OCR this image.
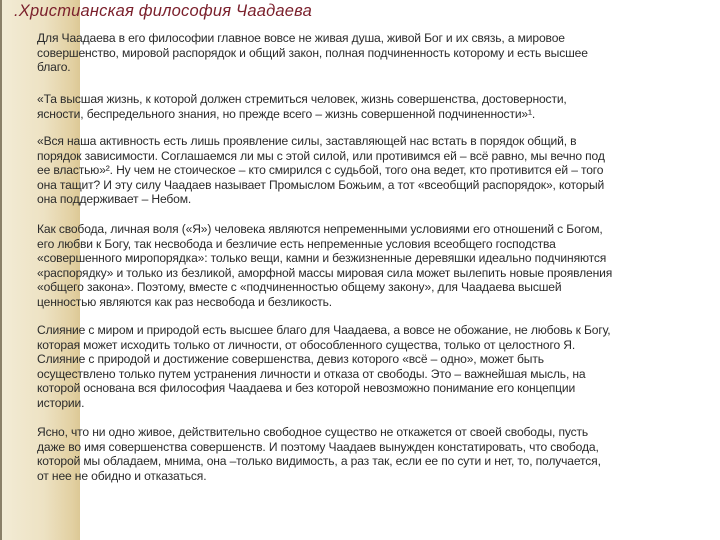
.Христианская философия Чаадаева
Для Чаадаева в его философии главное вовсе не живая душа, живой Бог и их связь, а мировое
совершенство, мировой распорядок и общий закон, полная подчиненность которому и есть высшее
благо.
«Та высшая жизнь, к которой должен стремиться человек, жизнь совершенства, достоверности,
ясности, беспредельного знания, но прежде всего – жизнь совершенной подчиненности»¹.
«Вся наша активность есть лишь проявление силы, заставляющей нас встать в порядок общий, в
порядок зависимости. Соглашаемся ли мы с этой силой, или противимся ей – всё равно, мы вечно под
ее властью»². Ну чем не стоическое – кто смирился с судьбой, того она ведет, кто противится ей – того
она тащит? И эту силу Чаадаев называет Промыслом Божьим, а тот «всеобщий распорядок», который
она поддерживает – Небом.
Как свобода, личная воля («Я») человека являются непременными условиями его отношений с Богом,
его любви к Богу, так несвобода и безличие есть непременные условия всеобщего господства
«совершенного миропорядка»: только вещи, камни и безжизненные деревяшки идеально подчиняются
«распорядку» и только из безликой, аморфной массы мировая сила может вылепить новые проявления
«общего закона». Поэтому, вместе с «подчиненностью общему закону», для Чаадаева высшей
ценностью являются как раз несвобода и безликость.
Слияние с миром и природой есть высшее благо для Чаадаева, а вовсе не обожание, не любовь к Богу,
которая может исходить только от личности, от обособленного существа, только от целостного Я.
Слияние с природой и достижение совершенства, девиз которого «всё – одно», может быть
осуществлено только путем устранения личности и отказа от свободы. Это – важнейшая мысль, на
которой основана вся философия Чаадаева и без которой невозможно понимание его концепции
истории.
Ясно, что ни одно живое, действительно свободное существо не откажется от своей свободы, пусть
даже во имя совершенства совершенств. И поэтому Чаадаев вынужден констатировать, что свобода,
которой мы обладаем, мнима, она –только видимость, а раз так, если ее по сути и нет, то, получается,
от нее не обидно и отказаться.
